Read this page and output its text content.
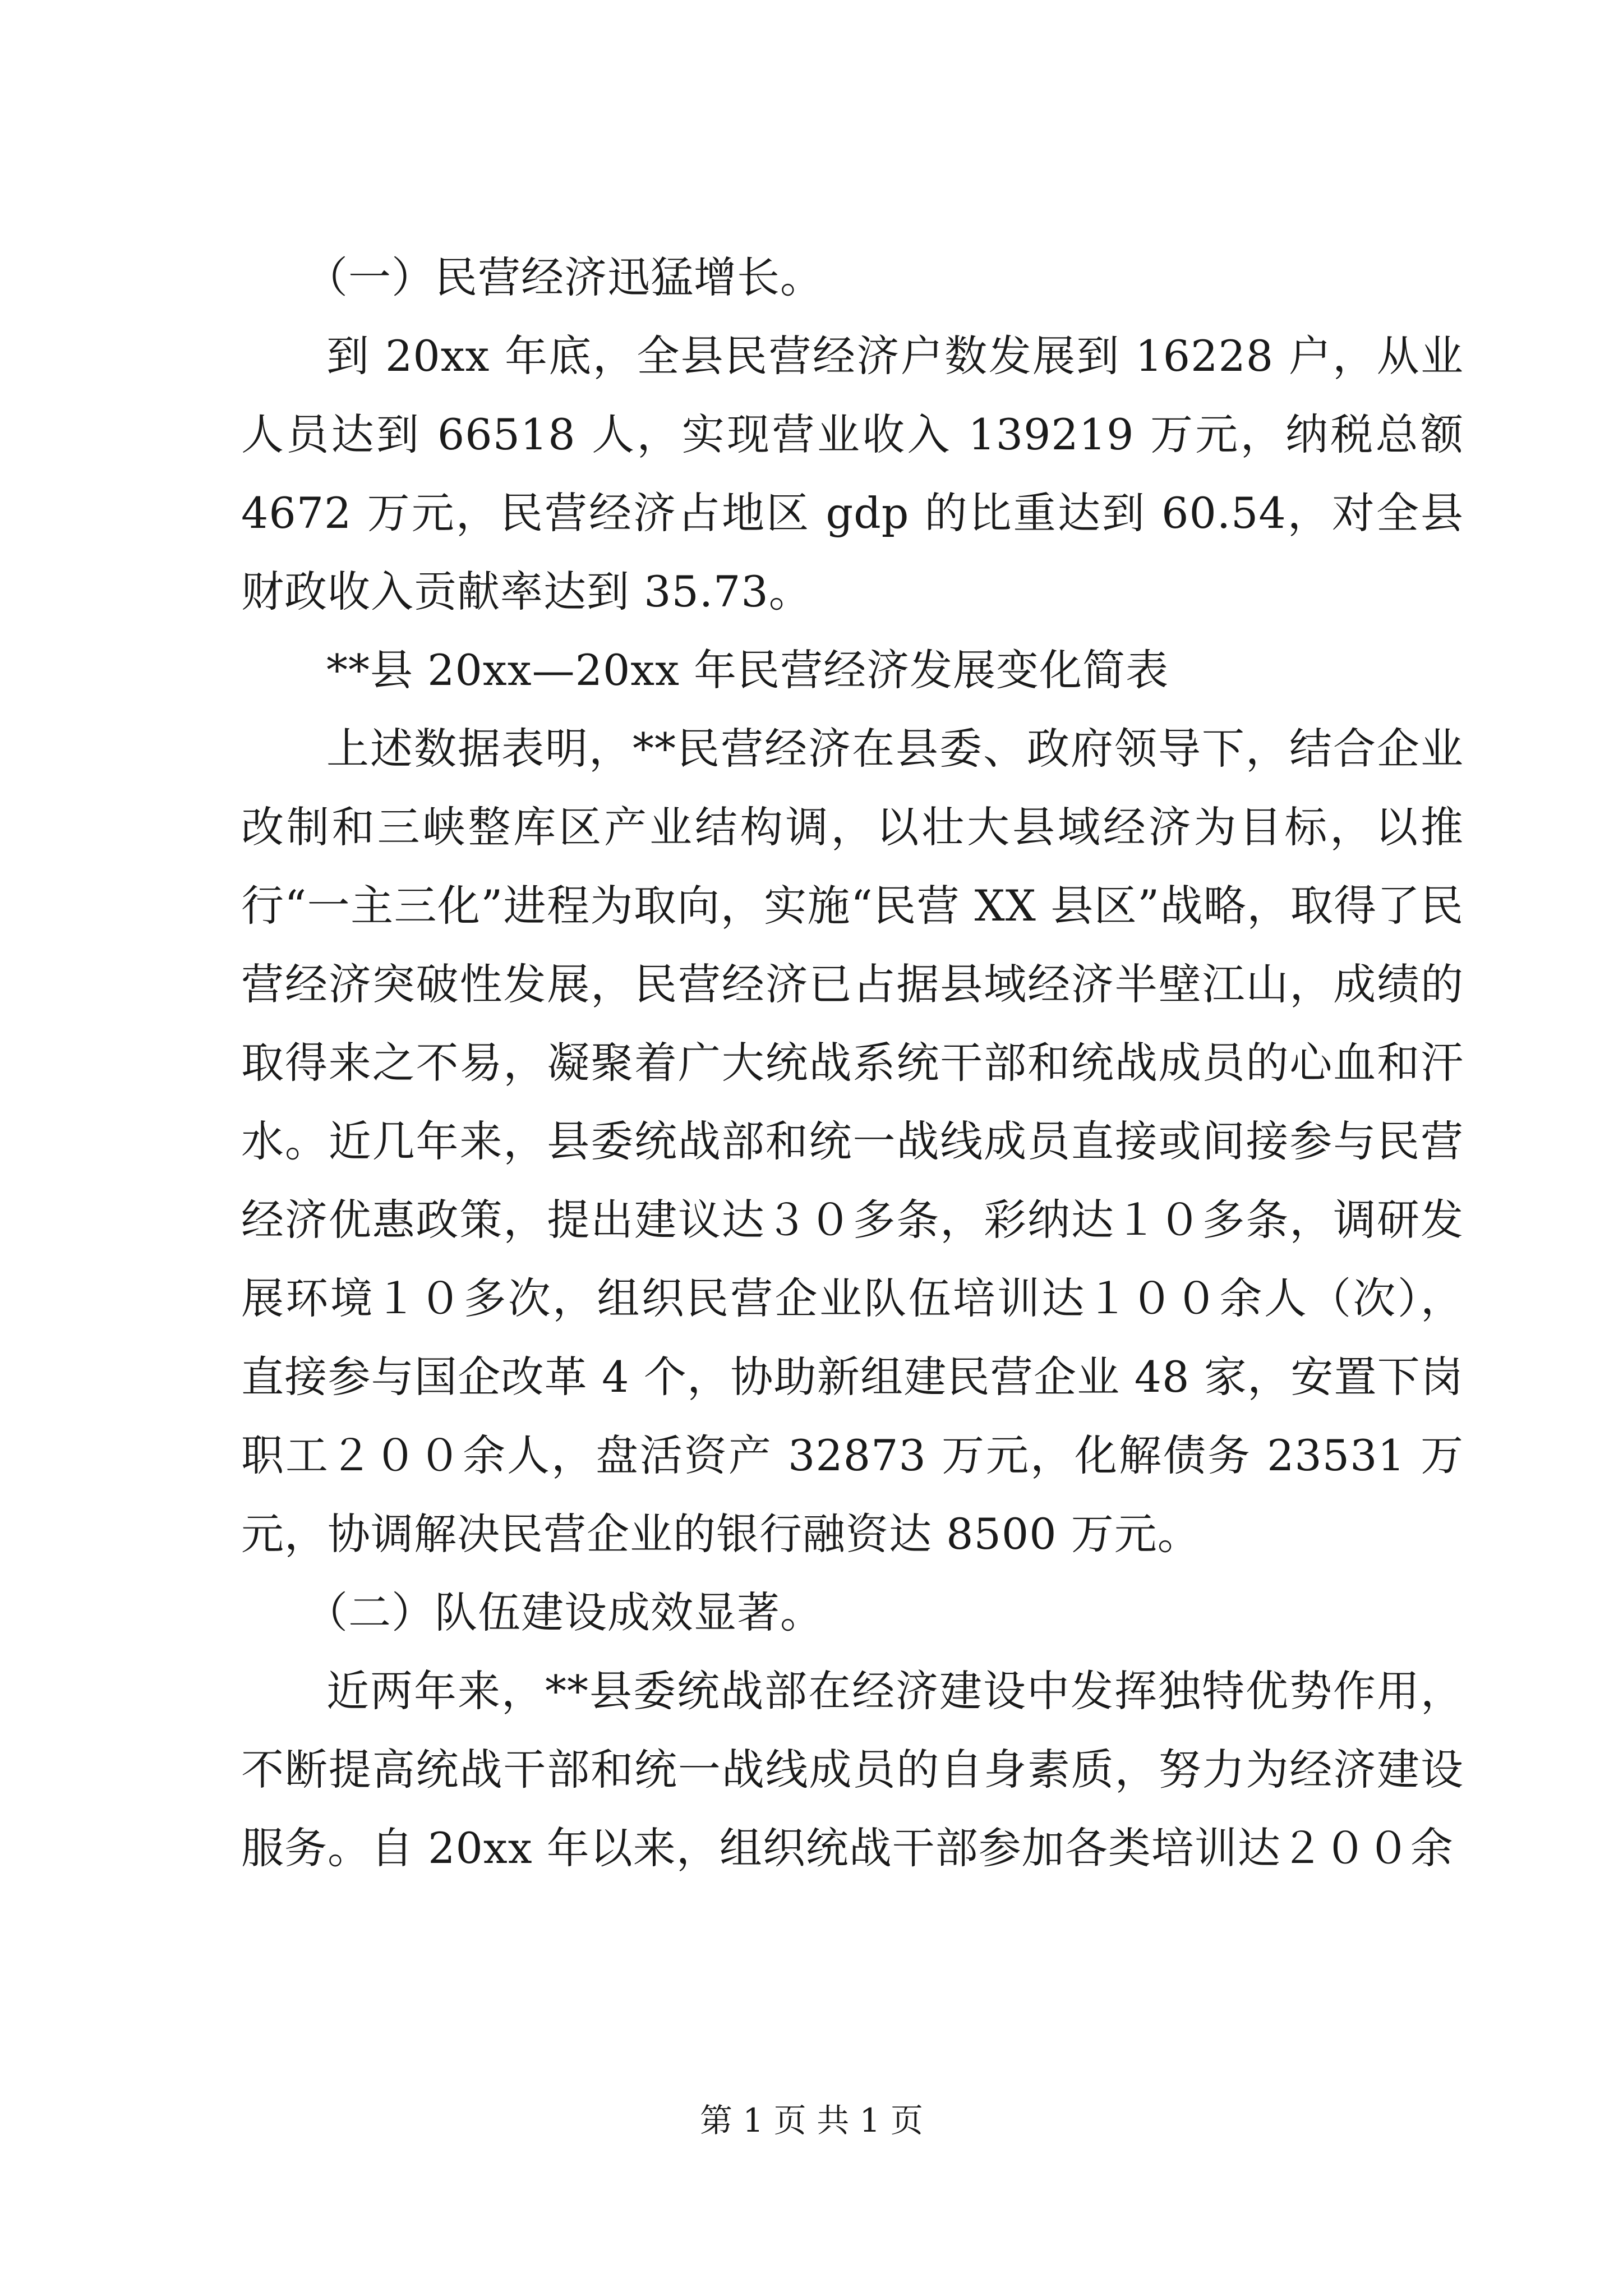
（一）民营经济迅猛增长。

到 20xx 年底，全县民营经济户数发展到 16228 户，从业人员达到 66518 人，实现营业收入 139219 万元，纳税总额 4672 万元，民营经济占地区 gdp 的比重达到 60.54，对全县财政收入贡献率达到 35.73。

**县 20xx—20xx 年民营经济发展变化简表

上述数据表明，**民营经济在县委、政府领导下，结合企业改制和三峡整库区产业结构调，以壮大县域经济为目标，以推行“一主三化”进程为取向，实施“民营 XX 县区”战略，取得了民营经济突破性发展，民营经济已占据县域经济半壁江山，成绩的取得来之不易，凝聚着广大统战系统干部和统战成员的心血和汗水。近几年来，县委统战部和统一战线成员直接或间接参与民营经济优惠政策，提出建议达３０多条，彩纳达１０多条，调研发展环境１０多次，组织民营企业队伍培训达１００余人（次），直接参与国企改革 4 个，协助新组建民营企业 48 家，安置下岗职工２００余人，盘活资产 32873 万元，化解债务 23531 万元，协调解决民营企业的银行融资达 8500 万元。

（二）队伍建设成效显著。

近两年来，**县委统战部在经济建设中发挥独特优势作用，不断提高统战干部和统一战线成员的自身素质，努力为经济建设服务。自 20xx 年以来，组织统战干部参加各类培训达２００余

第 1 页 共 1 页
